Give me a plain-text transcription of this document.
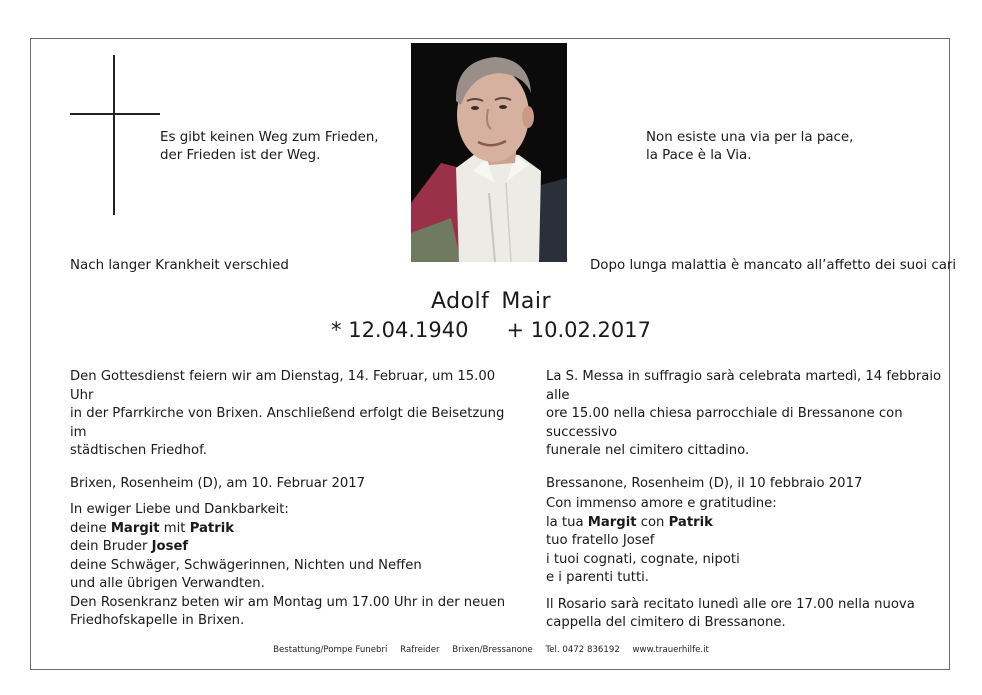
Es gibt keinen Weg zum Frieden,
der Frieden ist der Weg.
Non esiste una via per la pace,
la Pace è la Via.
Nach langer Krankheit verschied	Dopo lunga malattia è mancato all’affetto dei suoi cari
Adolf Mair
* 12.04.1940 + 10.02.2017

Den Gottesdienst feiern wir am Dienstag, 14. Februar, um 15.00 Uhr

in der Pfarrkirche von Brixen. Anschließend erfolgt die Beisetzung im

städtischen Friedhof.

Brixen, Rosenheim (D), am 10. Februar 2017

In ewiger Liebe und Dankbarkeit:

deine Margit mit Patrik

dein Bruder Josef

deine Schwäger, Schwägerinnen, Nichten und Neffen

und alle übrigen Verwandten.

Den Rosenkranz beten wir am Montag um 17.00 Uhr in der neuen

Friedhofskapelle in Brixen.

La S. Messa in suffragio sarà celebrata martedì, 14 febbraio alle

ore 15.00 nella chiesa parrocchiale di Bressanone con successivo

funerale nel cimitero cittadino.

Bressanone, Rosenheim (D), il 10 febbraio 2017

Con immenso amore e gratitudine:

la tua Margit con Patrik

tuo fratello Josef

i tuoi cognati, cognate, nipoti

e i parenti tutti.

Il Rosario sarà recitato lunedì alle ore 17.00 nella nuova

cappella del cimitero di Bressanone.

Bestattung/Pompe Funebri Rafreider Brixen/Bressanone Tel. 0472 836192 www.trauerhilfe.it
